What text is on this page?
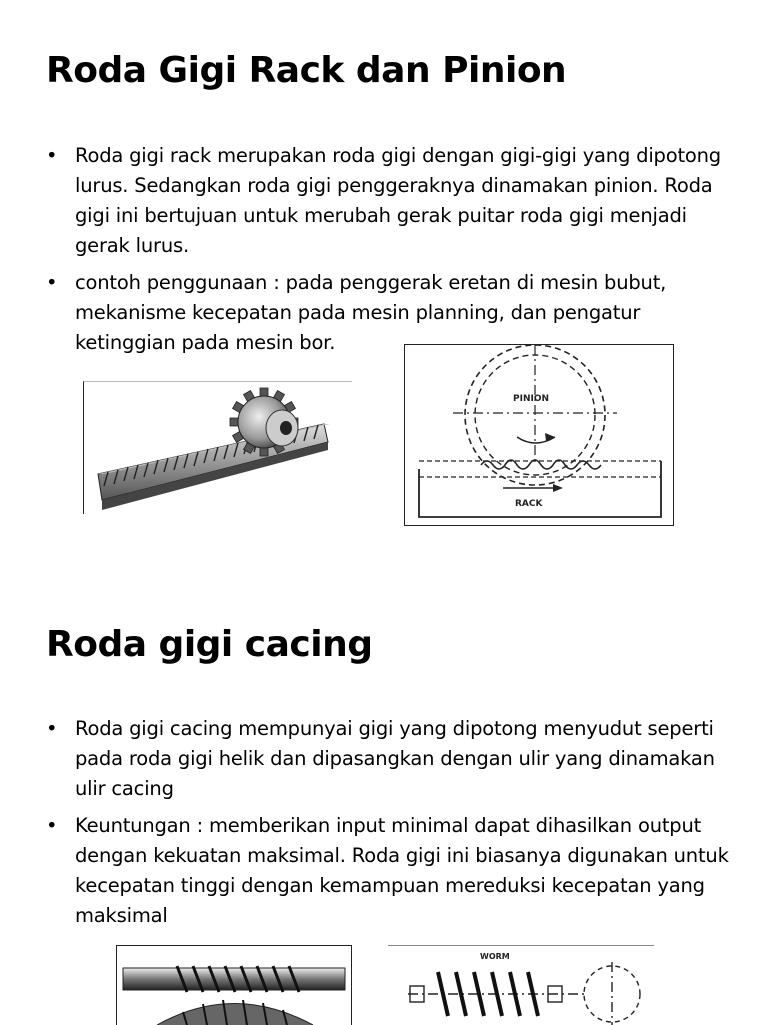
Roda Gigi Rack dan Pinion
• Roda gigi rack merupakan roda gigi dengan gigi-gigi yang dipotong lurus. Sedangkan roda gigi penggeraknya dinamakan pinion. Roda gigi ini bertujuan untuk merubah gerak puitar roda gigi menjadi gerak lurus.
• contoh penggunaan : pada penggerak eretan di mesin bubut, mekanisme kecepatan pada mesin planning, dan pengatur ketinggian pada mesin bor.
PINION
RACK
Roda gigi cacing
• Roda gigi cacing mempunyai gigi yang dipotong menyudut seperti pada roda gigi helik dan dipasangkan dengan ulir yang dinamakan ulir cacing
• Keuntungan : memberikan input minimal dapat dihasilkan output dengan kekuatan maksimal. Roda gigi ini biasanya digunakan untuk kecepatan tinggi dengan kemampuan mereduksi kecepatan yang maksimal
WORM
